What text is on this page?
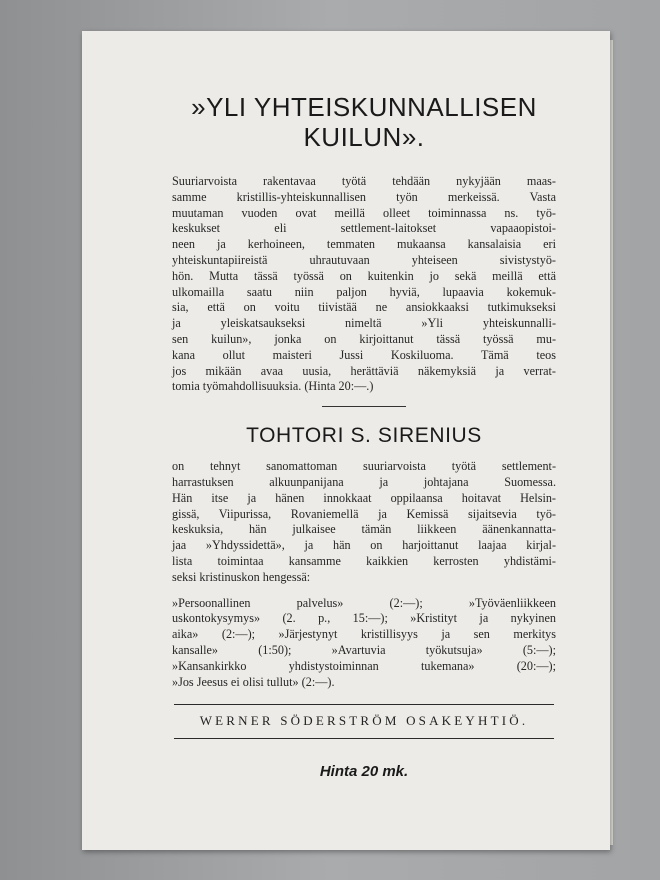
»YLI YHTEISKUNNALLISEN
KUILUN».
Suuriarvoista rakentavaa työtä tehdään nykyjään maas-
samme kristillis-yhteiskunnallisen työn merkeissä. Vasta
muutaman vuoden ovat meillä olleet toiminnassa ns. työ-
keskukset eli settlement-laitokset vapaaopistoi-
neen ja kerhoineen, temmaten mukaansa kansalaisia eri
yhteiskuntapiireistä uhrautuvaan yhteiseen sivistystyö-
hön. Mutta tässä työssä on kuitenkin jo sekä meillä että
ulkomailla saatu niin paljon hyviä, lupaavia kokemuk-
sia, että on voitu tiivistää ne ansiokkaaksi tutkimukseksi
ja yleiskatsaukseksi nimeltä »Yli yhteiskunnalli-
sen kuilun», jonka on kirjoittanut tässä työssä mu-
kana ollut maisteri Jussi Koskiluoma. Tämä teos
jos mikään avaa uusia, herättäviä näkemyksiä ja verrat-
tomia työmahdollisuuksia. (Hinta 20:—.)
TOHTORI S. SIRENIUS
on tehnyt sanomattoman suuriarvoista työtä settlement-
harrastuksen alkuunpanijana ja johtajana Suomessa.
Hän itse ja hänen innokkaat oppilaansa hoitavat Helsin-
gissä, Viipurissa, Rovaniemellä ja Kemissä sijaitsevia työ-
keskuksia, hän julkaisee tämän liikkeen äänenkannatta-
jaa »Yhdyssidettä», ja hän on harjoittanut laajaa kirjal-
lista toimintaa kansamme kaikkien kerrosten yhdistämi-
seksi kristinuskon hengessä:
»Persoonallinen palvelus» (2:—); »Työväenliikkeen
uskontokysymys» (2. p., 15:—); »Kristityt ja nykyinen
aika» (2:—); »Järjestynyt kristillisyys ja sen merkitys
kansalle» (1:50); »Avartuvia työkutsuja» (5:—);
»Kansankirkko yhdistystoiminnan tukemana» (20:—);
»Jos Jeesus ei olisi tullut» (2:—).
WERNER SÖDERSTRÖM OSAKEYHTIÖ.
Hinta 20 mk.
